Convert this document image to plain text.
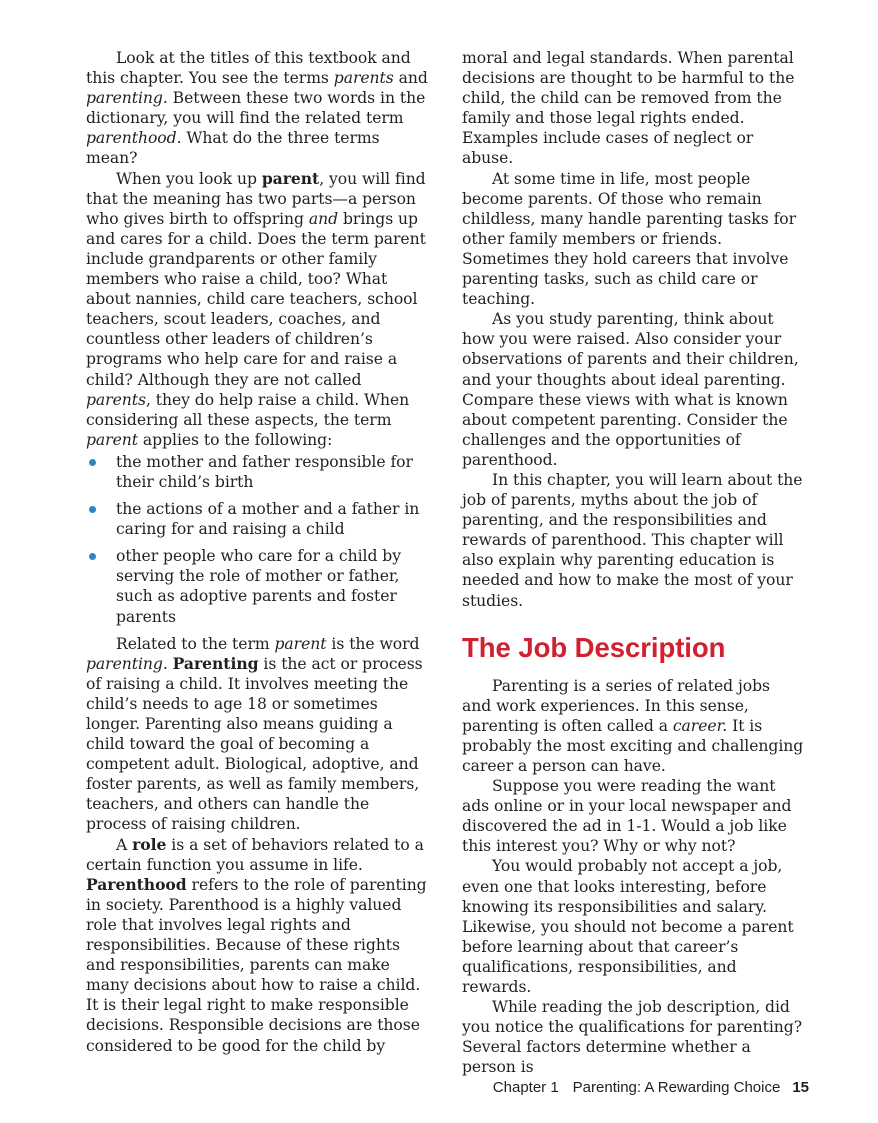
Look at the titles of this textbook and this chapter. You see the terms parents and parenting. Between these two words in the dictionary, you will find the related term parenthood. What do the three terms mean?

When you look up parent, you will find that the meaning has two parts—a person who gives birth to offspring and brings up and cares for a child. Does the term parent include grandparents or other family members who raise a child, too? What about nannies, child care teachers, school teachers, scout leaders, coaches, and countless other leaders of children’s programs who help care for and raise a child? Although they are not called parents, they do help raise a child. When considering all these aspects, the term parent applies to the following:

the mother and father responsible for their child’s birth
the actions of a mother and a father in caring for and raising a child
other people who care for a child by serving the role of mother or father, such as adoptive parents and foster parents

Related to the term parent is the word parenting. Parenting is the act or process of raising a child. It involves meeting the child’s needs to age 18 or sometimes longer. Parenting also means guiding a child toward the goal of becoming a competent adult. Biological, adoptive, and foster parents, as well as family members, teachers, and others can handle the process of raising children.

A role is a set of behaviors related to a certain function you assume in life. Parenthood refers to the role of parenting in society. Parenthood is a highly valued role that involves legal rights and responsibilities. Because of these rights and responsibilities, parents can make many decisions about how to raise a child. It is their legal right to make responsible decisions. Responsible decisions are those considered to be good for the child by

moral and legal standards. When parental decisions are thought to be harmful to the child, the child can be removed from the family and those legal rights ended. Examples include cases of neglect or abuse.

At some time in life, most people become parents. Of those who remain childless, many handle parenting tasks for other family members or friends. Sometimes they hold careers that involve parenting tasks, such as child care or teaching.

As you study parenting, think about how you were raised. Also consider your observations of parents and their children, and your thoughts about ideal parenting. Compare these views with what is known about competent parenting. Consider the challenges and the opportunities of parenthood.

In this chapter, you will learn about the job of parents, myths about the job of parenting, and the responsibilities and rewards of parenthood. This chapter will also explain why parenting education is needed and how to make the most of your studies.

The Job Description

Parenting is a series of related jobs and work experiences. In this sense, parenting is often called a career. It is probably the most exciting and challenging career a person can have.

Suppose you were reading the want ads online or in your local newspaper and discovered the ad in 1-1. Would a job like this interest you? Why or why not?

You would probably not accept a job, even one that looks interesting, before knowing its responsibilities and salary. Likewise, you should not become a parent before learning about that career’s qualifications, responsibilities, and rewards.

While reading the job description, did you notice the qualifications for parenting? Several factors determine whether a person is

Chapter 1 Parenting: A Rewarding Choice 15
